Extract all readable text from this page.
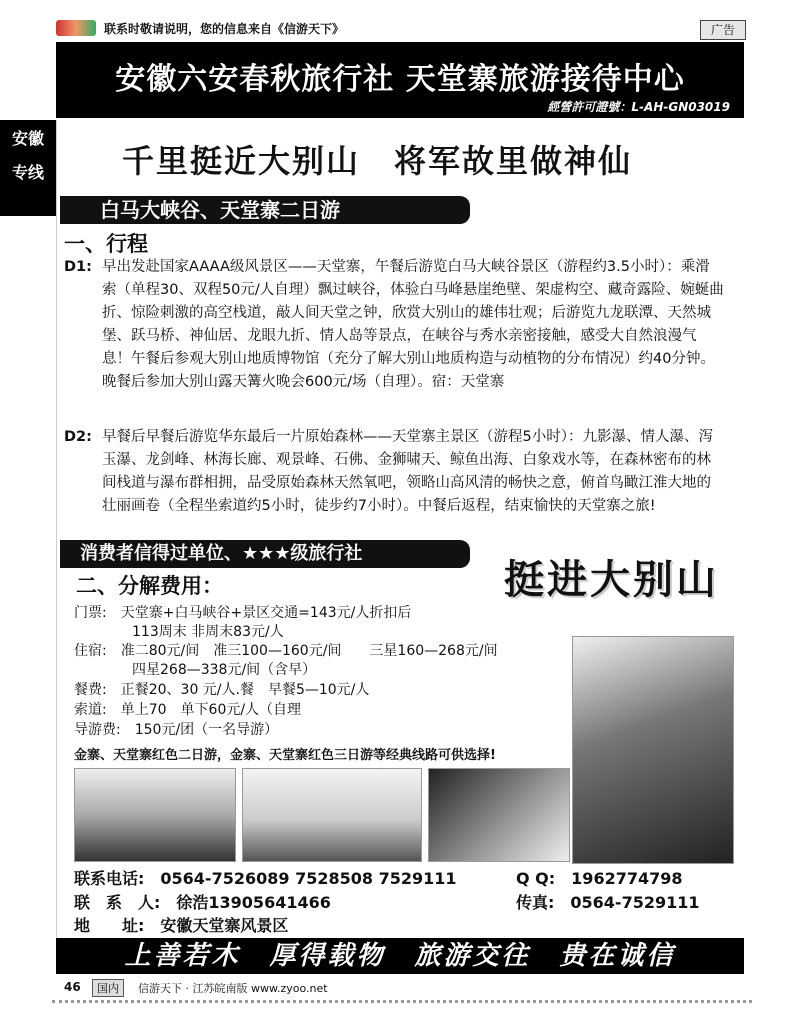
联系时敬请说明，您的信息来自《信游天下》	广告
安徽六安春秋旅行社 天堂寨旅游接待中心
經營許可證號：L-AH-GN03019
安徽
专线	千里挺近大别山　将军故里做神仙
白马大峡谷、天堂寨二日游
一、行程
D1: 早出发赴国家AAAA级风景区——天堂寨，午餐后游览白马大峡谷景区（游程约3.5小时）：乘滑索（单程30、双程50元/人自理）飘过峡谷，体验白马峰悬崖绝壁、架虚构空、藏奇露险、婉蜒曲折、惊险刺激的高空栈道，敲人间天堂之钟，欣赏大别山的雄伟壮观；后游览九龙联潭、天然城堡、跃马桥、神仙居、龙眼九折、情人岛等景点，在峡谷与秀水亲密接触，感受大自然浪漫气息！午餐后参观大别山地质博物馆（充分了解大别山地质构造与动植物的分布情况）约40分钟。晚餐后参加大别山露天篝火晚会600元/场（自理）。宿：天堂寨
D2: 早餐后早餐后游览华东最后一片原始森林——天堂寨主景区（游程5小时）：九影瀑、情人瀑、泻玉瀑、龙剑峰、林海长廊、观景峰、石佛、金狮啸天、鲸鱼出海、白象戏水等，在森林密布的林间栈道与瀑布群相拥，品受原始森林天然氧吧，领略山高风清的畅快之意，俯首鸟瞰江淮大地的壮丽画卷（全程坐索道约5小时，徒步约7小时）。中餐后返程，结束愉快的天堂寨之旅!
消费者信得过单位、★★★级旅行社
挺进大别山
二、分解费用：
门票:　天堂寨+白马峡谷+景区交通=143元/人折扣后
113周末 非周末83元/人
住宿:　准二80元/间　准三100—160元/间　　三星160—268元/间
四星268—338元/间（含早）
餐费:　正餐20、30 元/人.餐　早餐5—10元/人
索道:　单上70　单下60元/人（自理
导游费:　150元/团（一名导游）
金寨、天堂寨红色二日游，金寨、天堂寨红色三日游等经典线路可供选择!
联系电话:　0564-7526089 7528508 7529111	Q Q:　1962774798
联　系　人:　徐浩13905641466	传真:　0564-7529111
地　　址:　安徽天堂寨风景区
上善若木　厚得载物　旅游交往　贵在诚信
46	国内	信游天下 · 江苏皖南版 www.zyoo.net
